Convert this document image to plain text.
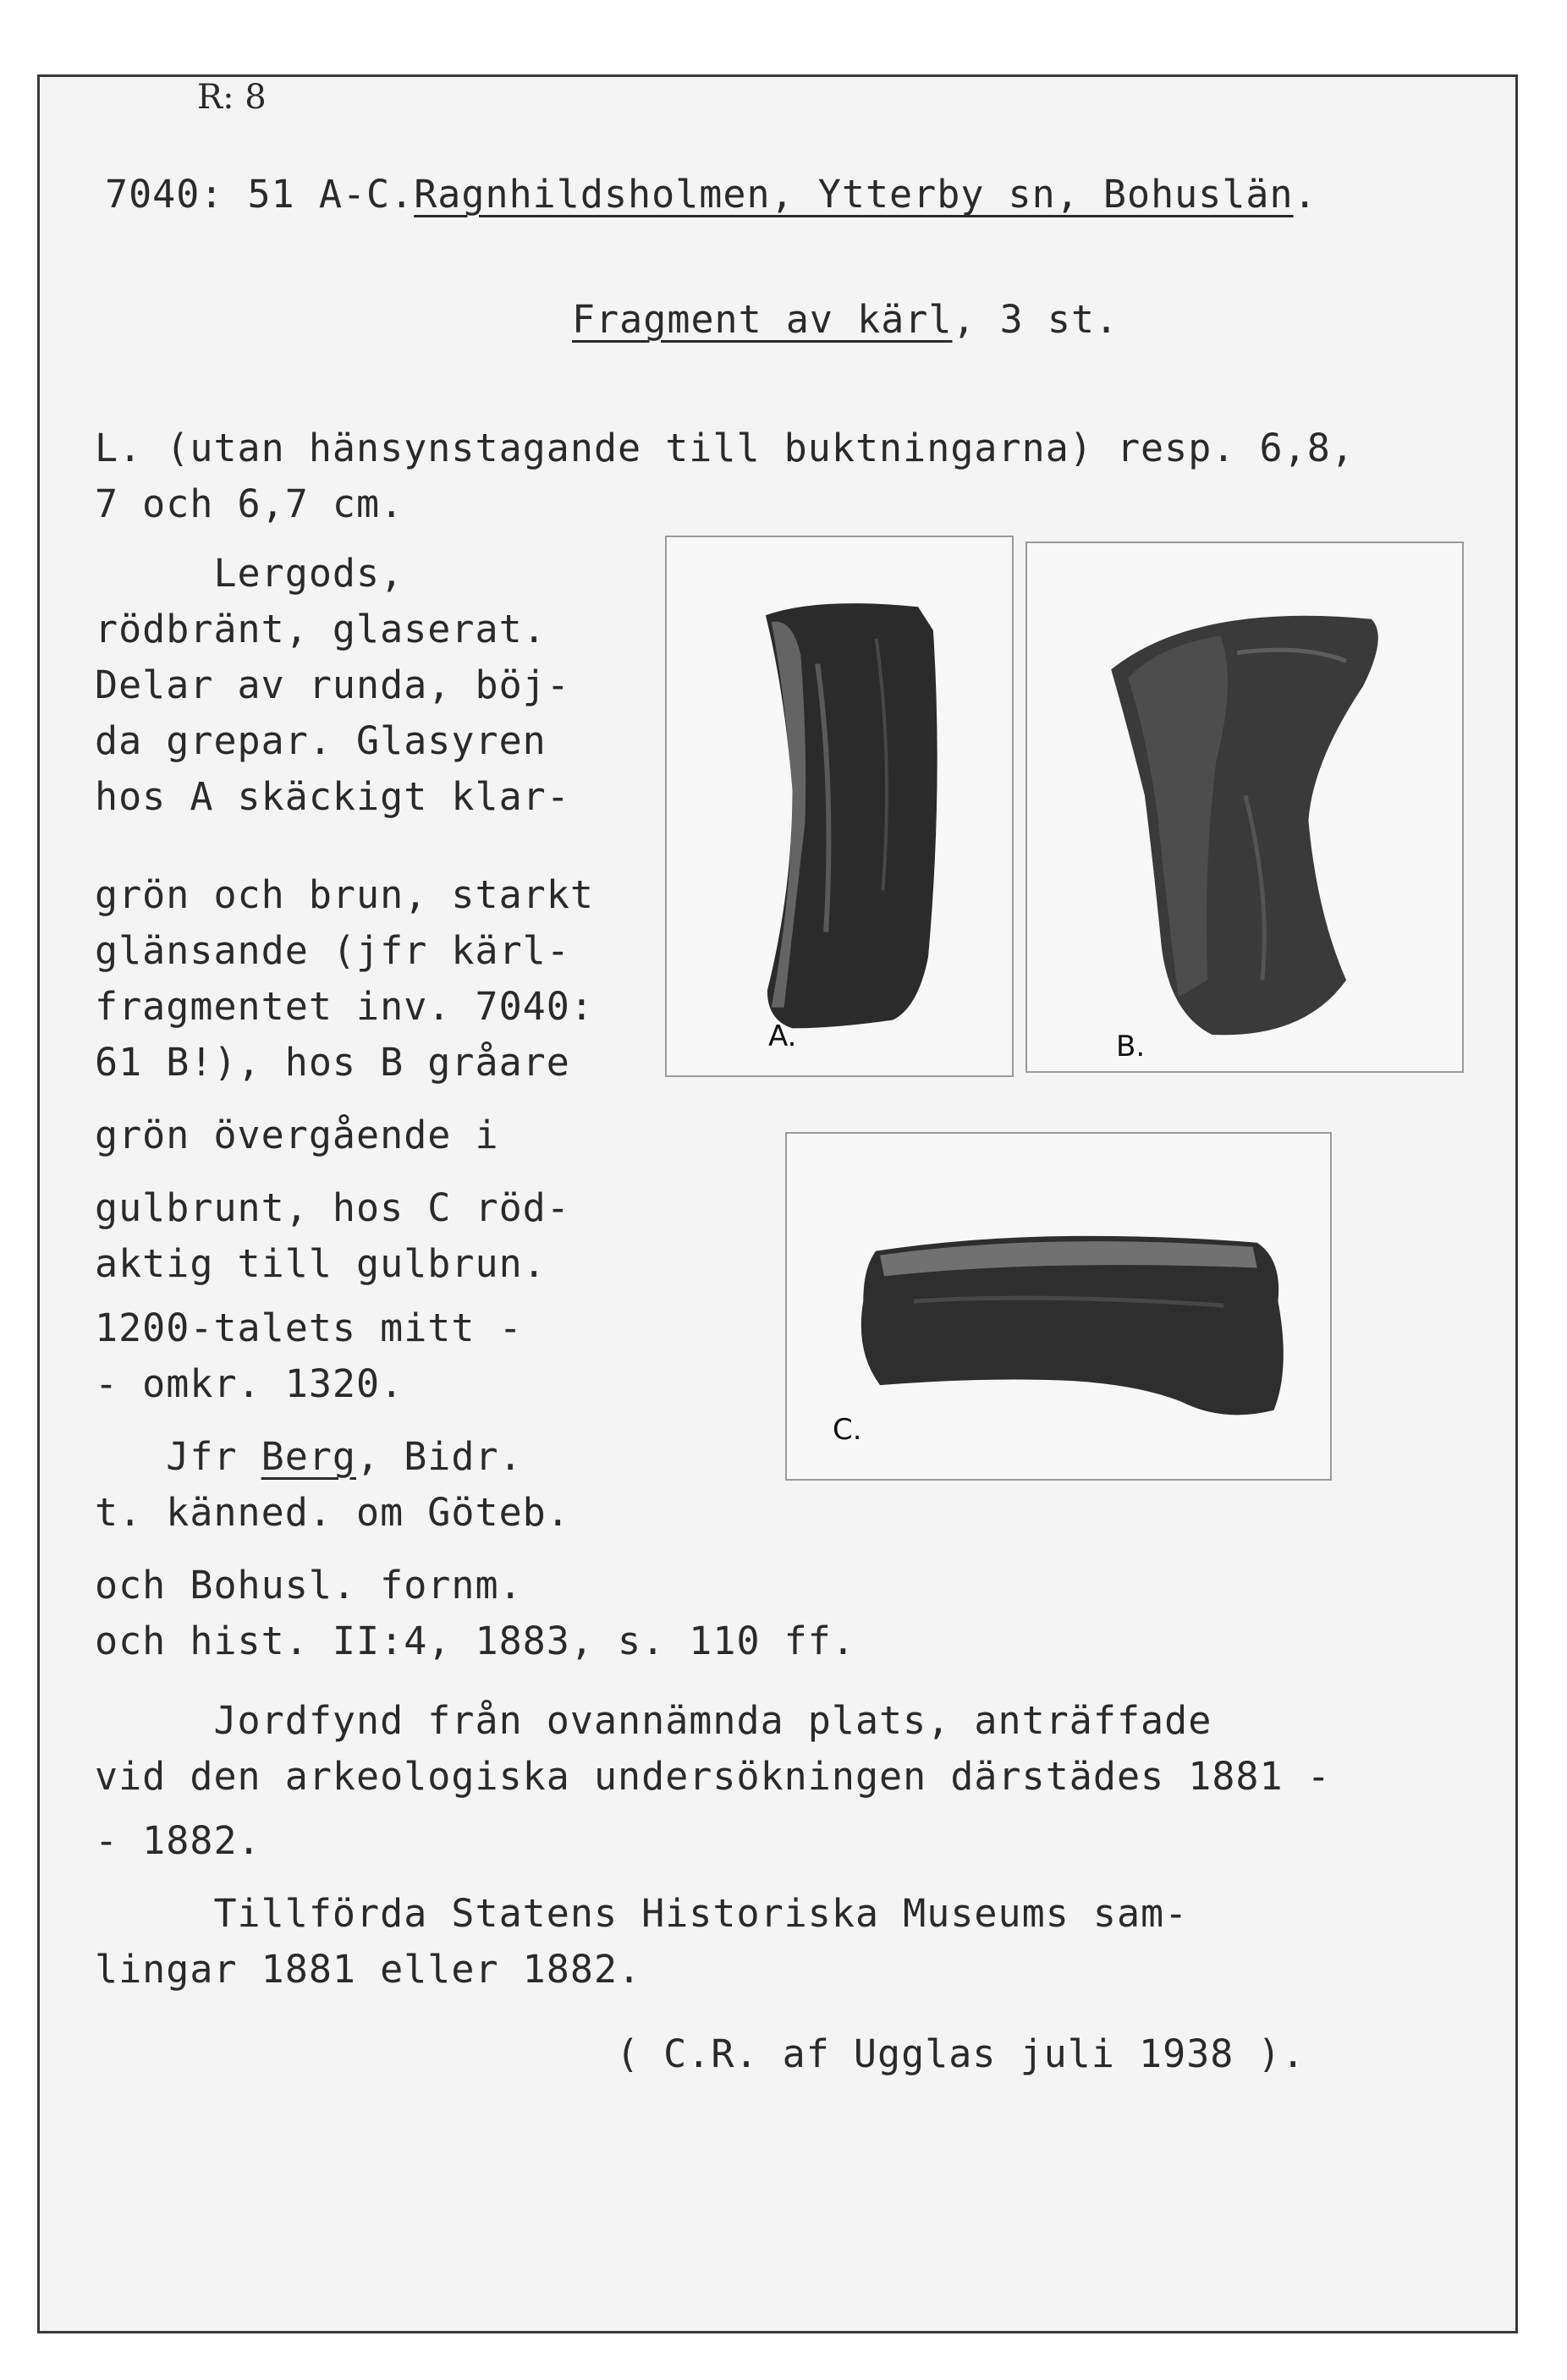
R: 8
7040: 51 A-C.Ragnhildsholmen, Ytterby sn, Bohuslän.
Fragment av kärl, 3 st.
L. (utan hänsynstagande till buktningarna) resp. 6,8,
7 och 6,7 cm.
Lergods,
rödbränt, glaserat.
Delar av runda, böj-
da grepar. Glasyren
hos A skäckigt klar-
grön och brun, starkt
glänsande (jfr kärl-
fragmentet inv. 7040:
61 B!), hos B gråare
grön övergående i
gulbrunt, hos C röd-
aktig till gulbrun.
1200-talets mitt -
- omkr. 1320.
Jfr Berg, Bidr.
t. känned. om Göteb.
och Bohusl. fornm.
och hist. II:4, 1883, s. 110 ff.
Jordfynd från ovannämnda plats, anträffade
vid den arkeologiska undersökningen därstädes 1881 -
- 1882.
Tillförda Statens Historiska Museums sam-
lingar 1881 eller 1882.
( C.R. af Ugglas juli 1938 ).
A.	B.
C.
